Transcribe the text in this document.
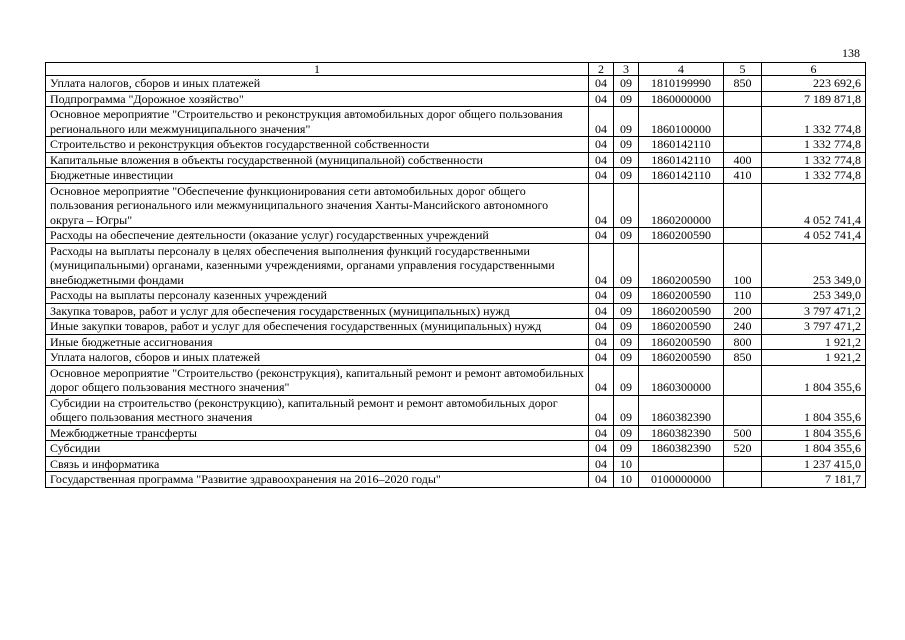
138
1	2	3	4	5	6
Уплата налогов, сборов и иных платежей	04	09	1810199990	850	223 692,6
Подпрограмма "Дорожное хозяйство"	04	09	1860000000		7 189 871,8
Основное мероприятие "Строительство и реконструкция автомобильных дорог общего пользования регионального или межмуниципального значения"	04	09	1860100000		1 332 774,8
Строительство и реконструкция объектов государственной собственности	04	09	1860142110		1 332 774,8
Капитальные вложения в объекты государственной (муниципальной) собственности	04	09	1860142110	400	1 332 774,8
Бюджетные инвестиции	04	09	1860142110	410	1 332 774,8
Основное мероприятие "Обеспечение функционирования сети автомобильных дорог общего пользования регионального или межмуниципального значения Ханты-Мансийского автономного округа – Югры"	04	09	1860200000		4 052 741,4
Расходы на обеспечение деятельности (оказание услуг) государственных учреждений	04	09	1860200590		4 052 741,4
Расходы на выплаты персоналу в целях обеспечения выполнения функций государственными (муниципальными) органами, казенными учреждениями, органами управления государственными внебюджетными фондами	04	09	1860200590	100	253 349,0
Расходы на выплаты персоналу казенных учреждений	04	09	1860200590	110	253 349,0
Закупка товаров, работ и услуг для обеспечения государственных (муниципальных) нужд	04	09	1860200590	200	3 797 471,2
Иные закупки товаров, работ и услуг для обеспечения государственных (муниципальных) нужд	04	09	1860200590	240	3 797 471,2
Иные бюджетные ассигнования	04	09	1860200590	800	1 921,2
Уплата налогов, сборов и иных платежей	04	09	1860200590	850	1 921,2
Основное мероприятие "Строительство (реконструкция), капитальный ремонт и ремонт автомобильных дорог общего пользования местного значения"	04	09	1860300000		1 804 355,6
Субсидии на строительство (реконструкцию), капитальный ремонт и ремонт автомобильных дорог общего пользования местного значения	04	09	1860382390		1 804 355,6
Межбюджетные трансферты	04	09	1860382390	500	1 804 355,6
Субсидии	04	09	1860382390	520	1 804 355,6
Связь и информатика	04	10			1 237 415,0
Государственная программа "Развитие здравоохранения на 2016–2020 годы"	04	10	0100000000		7 181,7
